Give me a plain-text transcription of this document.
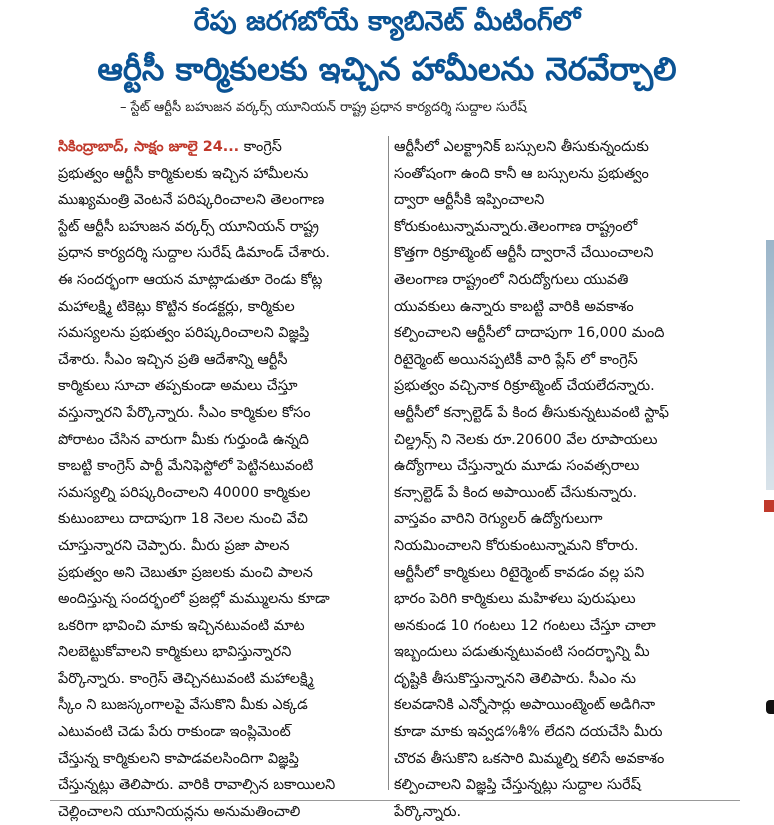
రేపు జరగబోయే క్యాబినెట్ మీటింగ్‌లో
ఆర్టీసీ కార్మికులకు ఇచ్చిన హామీలను నెరవేర్చాలి
– స్టేట్ ఆర్టీసీ బహుజన వర్కర్స్ యూనియన్ రాష్ట్ర ప్రధాన కార్యదర్శి సుద్దాల సురేష్
సికింద్రాబాద్, సాక్షం జూలై 24... కాంగ్రెస్
ప్రభుత్వం ఆర్టీసీ కార్మికులకు ఇచ్చిన హామీలను
ముఖ్యమంత్రి వెంటనే పరిష్కరించాలని తెలంగాణ
స్టేట్ ఆర్టీసీ బహుజన వర్కర్స్ యూనియన్ రాష్ట్ర
ప్రధాన కార్యదర్శి సుద్దాల సురేష్ డిమాండ్ చేశారు.
ఈ సందర్భంగా ఆయన మాట్లాడుతూ రెండు కోట్ల
మహాలక్ష్మి టికెట్లు కొట్టిన కండక్టర్లు, కార్మికుల
సమస్యలను ప్రభుత్వం పరిష్కరించాలని విజ్ఞప్తి
చేశారు. సీఎం ఇచ్చిన ప్రతి ఆదేశాన్ని ఆర్టీసీ
కార్మికులు సూచా తప్పకుండా అమలు చేస్తూ
వస్తున్నారని పేర్కొన్నారు. సీఎం కార్మికుల కోసం
పోరాటం చేసిన వారుగా మీకు గుర్తుండి ఉన్నది
కాబట్టి కాంగ్రెస్ పార్టీ మేనిఫెస్టోలో పెట్టినటువంటి
సమస్యల్ని పరిష్కరించాలని 40000 కార్మికుల
కుటుంబాలు దాదాపుగా 18 నెలల నుంచి వేచి
చూస్తున్నారని చెప్పారు. మీరు ప్రజా పాలన
ప్రభుత్వం అని చెబుతూ ప్రజలకు మంచి పాలన
అందిస్తున్న సందర్భంలో ప్రజల్లో మమ్ములను కూడా
ఒకరిగా భావించి మాకు ఇచ్చినటువంటి మాట
నిలబెట్టుకోవాలని కార్మికులు భావిస్తున్నారని
పేర్కొన్నారు. కాంగ్రెస్ తెచ్చినటువంటి మహాలక్ష్మి
స్కీం ని బుజస్కంగాలపై వేసుకొని మీకు ఎక్కడ
ఎటువంటి చెడు పేరు రాకుండా ఇంప్లిమెంట్
చేస్తున్న కార్మికులని కాపాడవలసిందిగా విజ్ఞప్తి
చేస్తున్నట్లు తెలిపారు. వారికి రావాల్సిన బకాయిలని
చెల్లించాలని యూనియన్లను అనుమతించాలి
ఆర్టీసీలో ఎలక్ట్రానిక్ బస్సులని తీసుకున్నందుకు
సంతోషంగా ఉంది కానీ ఆ బస్సులను ప్రభుత్వం
ద్వారా ఆర్టీసీకి ఇప్పించాలని
కోరుకుంటున్నామన్నారు.తెలంగాణ రాష్ట్రంలో
కొత్తగా రిక్రూట్మెంట్ ఆర్టీసీ ద్వారానే చేయించాలని
తెలంగాణ రాష్ట్రంలో నిరుద్యోగులు యువతి
యువకులు ఉన్నారు కాబట్టి వారికి అవకాశం
కల్పించాలని ఆర్టీసీలో దాదాపుగా 16,000 మంది
రిటైర్మెంట్ అయినప్పటికీ వారి ప్లేస్ లో కాంగ్రెస్
ప్రభుత్వం వచ్చినాక రిక్రూట్మెంట్ చేయలేదన్నారు.
ఆర్టీసీలో కన్సాల్టెడ్ పే కింద తీసుకున్నటువంటి స్టాఫ్
చిల్డ్రన్స్ ని నెలకు రూ.20600 వేల రూపాయలు
ఉద్యోగాలు చేస్తున్నారు మూడు సంవత్సరాలు
కన్సాల్టెడ్ పే కింద అపాయింట్ చేసుకున్నారు.
వాస్తవం వారిని రెగ్యులర్ ఉద్యోగులుగా
నియమించాలని కోరుకుంటున్నామని కోరారు.
ఆర్టీసీలో కార్మికులు రిటైర్మెంట్ కావడం వల్ల పని
భారం పెరిగి కార్మికులు మహిళలు పురుషులు
అనకుండ 10 గంటలు 12 గంటలు చేస్తూ చాలా
ఇబ్బందులు పడుతున్నటువంటి సందర్భాన్ని మీ
దృష్టికి తీసుకొస్తున్నానని తెలిపారు. సీఎం ను
కలవడానికి ఎన్నోసార్లు అపాయింట్మెంట్ అడిగినా
కూడా మాకు ఇవ్వడ%శీ% లేదని దయచేసి మీరు
చొరవ తీసుకొని ఒకసారి మిమ్మల్ని కలిసే అవకాశం
కల్పించాలని విజ్ఞప్తి చేస్తున్నట్లు సుద్దాల సురేష్
పేర్కొన్నారు.
